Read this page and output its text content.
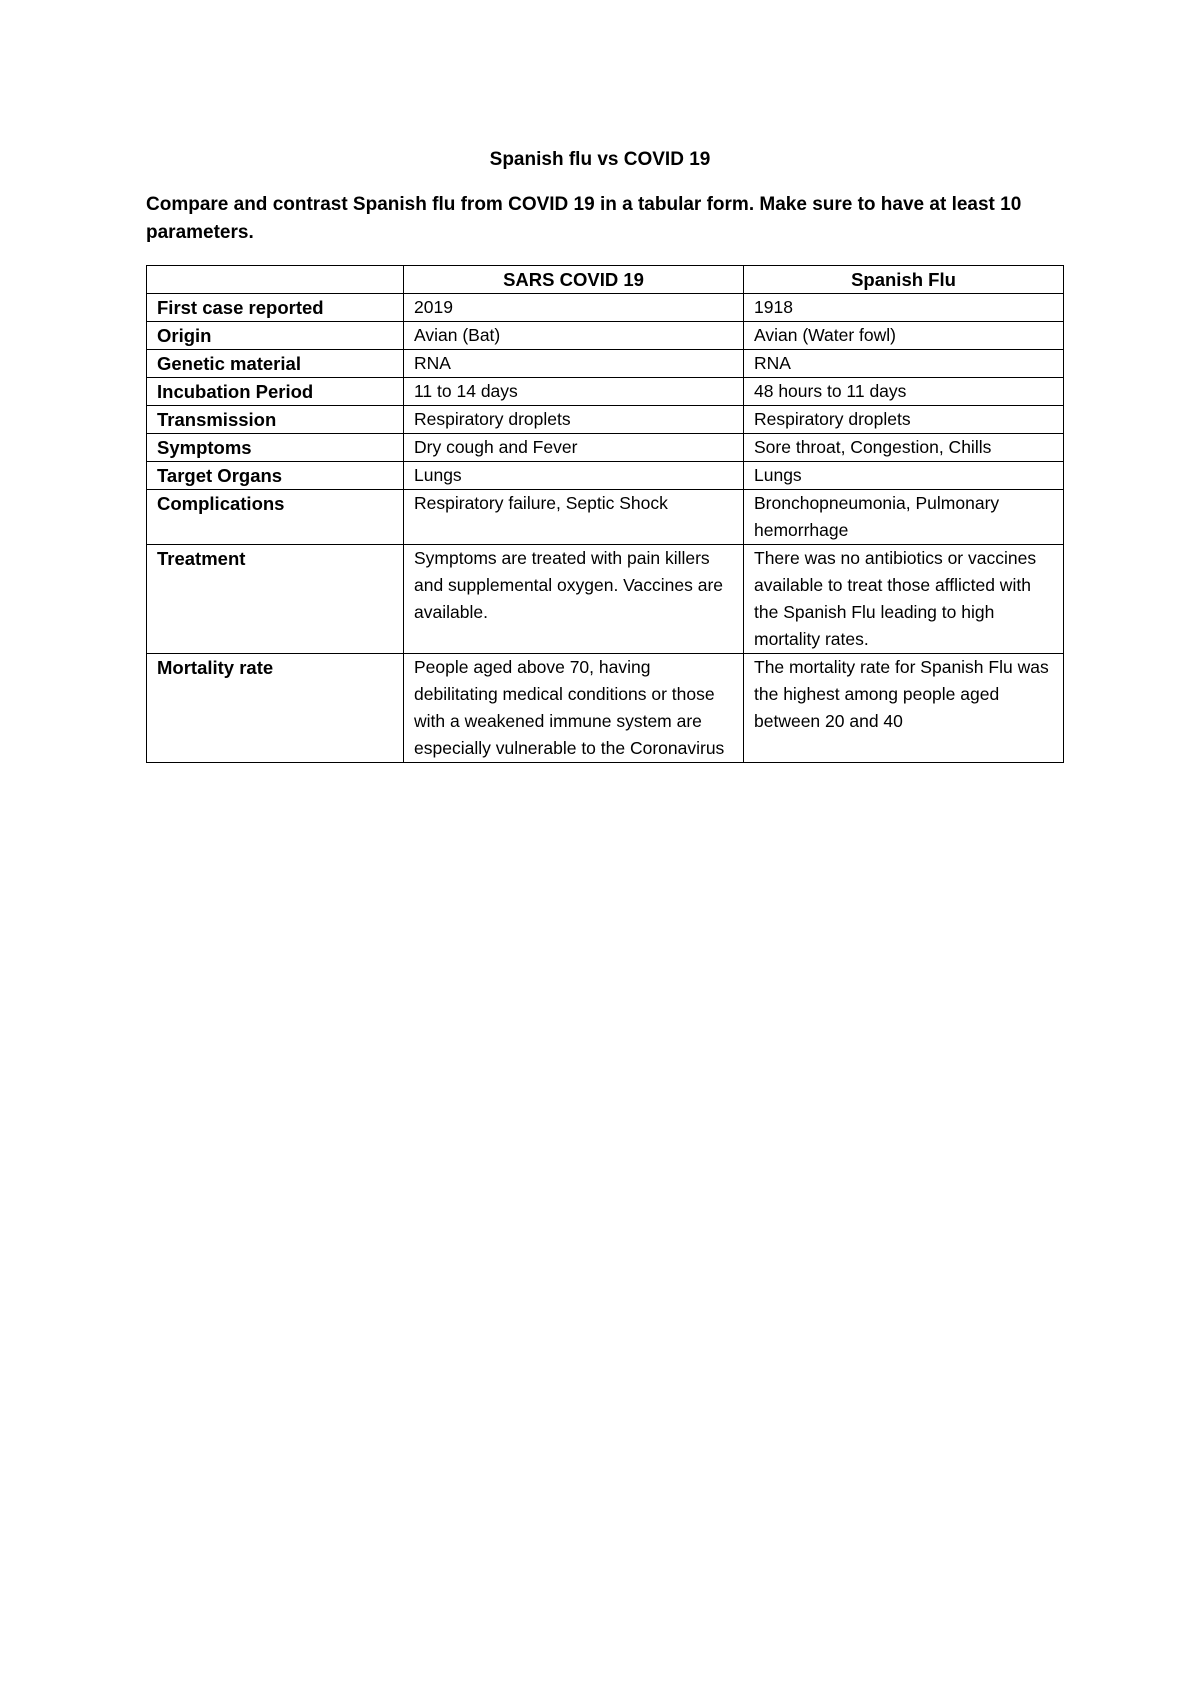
Spanish flu vs COVID 19
Compare and contrast Spanish flu from COVID 19 in a tabular form. Make sure to have at least 10 parameters.
	SARS COVID 19	Spanish Flu
First case reported	2019	1918
Origin	Avian (Bat)	Avian (Water fowl)
Genetic material	RNA	RNA
Incubation Period	11 to 14 days	48 hours to 11 days
Transmission	Respiratory droplets	Respiratory droplets
Symptoms	Dry cough and Fever	Sore throat, Congestion, Chills
Target Organs	Lungs	Lungs
Complications	Respiratory failure, Septic Shock	Bronchopneumonia, Pulmonary hemorrhage
Treatment	Symptoms are treated with pain killers and supplemental oxygen. Vaccines are available.	There was no antibiotics or vaccines available to treat those afflicted with the Spanish Flu leading to high mortality rates.
Mortality rate	People aged above 70, having debilitating medical conditions or those with a weakened immune system are especially vulnerable to the Coronavirus	The mortality rate for Spanish Flu was the highest among people aged between 20 and 40
